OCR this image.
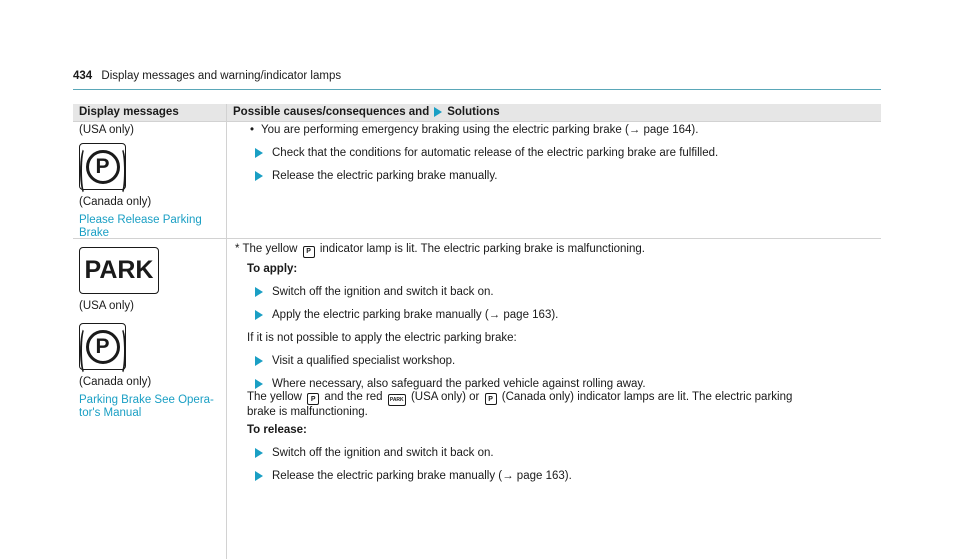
434 Display messages and warning/indicator lamps
Display messages	Possible causes/consequences and Solutions
(USA only)
P
(Canada only)
Please Release Parking
Brake
• You are performing emergency braking using the electric parking brake (→ page 164).
Check that the conditions for automatic release of the electric parking brake are fulfilled.
Release the electric parking brake manually.
PARK
(USA only)
P
(Canada only)
Parking Brake See Opera-
tor's Manual
* The yellow P indicator lamp is lit. The electric parking brake is malfunctioning.
To apply:
Switch off the ignition and switch it back on.
Apply the electric parking brake manually (→ page 163).
If it is not possible to apply the electric parking brake:
Visit a qualified specialist workshop.
Where necessary, also safeguard the parked vehicle against rolling away.
The yellow P and the red PARK (USA only) or P (Canada only) indicator lamps are lit. The electric parking
brake is malfunctioning.
To release:
Switch off the ignition and switch it back on.
Release the electric parking brake manually (→ page 163).
